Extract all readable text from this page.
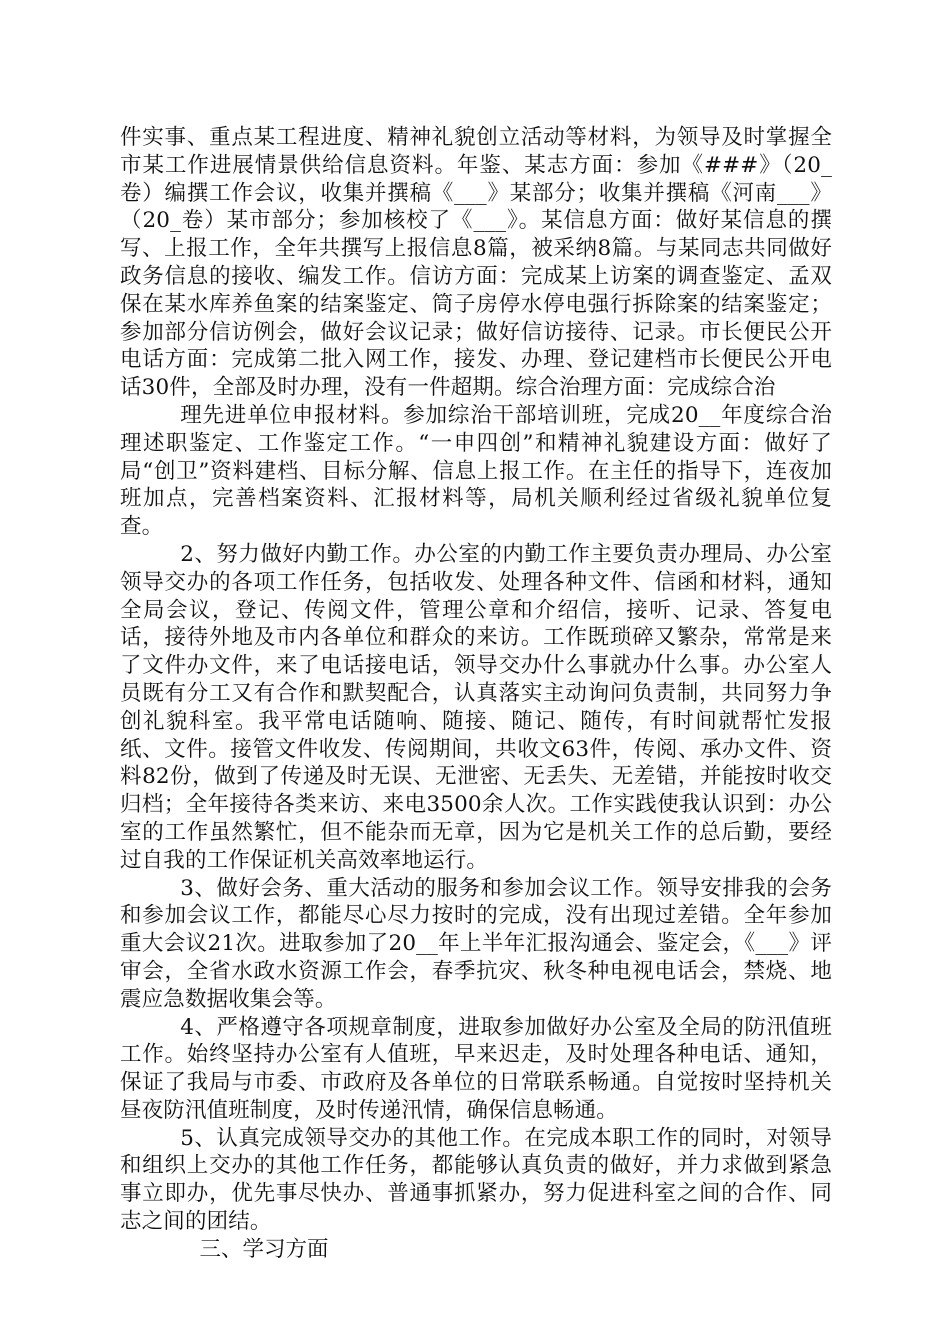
件实事、重点某工程进度、精神礼貌创立活动等材料，为领导及时掌握全市某工作进展情景供给信息资料。年鉴、某志方面：参加《###》（20_卷）编撰工作会议，收集并撰稿《___》某部分；收集并撰稿《河南___》（20_卷）某市部分；参加核校了《___》。某信息方面：做好某信息的撰写、上报工作，全年共撰写上报信息8篇，被采纳8篇。与某同志共同做好政务信息的接收、编发工作。信访方面：完成某上访案的调查鉴定、孟双保在某水库养鱼案的结案鉴定、筒子房停水停电强行拆除案的结案鉴定；参加部分信访例会，做好会议记录；做好信访接待、记录。市长便民公开电话方面：完成第二批入网工作，接发、办理、登记建档市长便民公开电话30件，全部及时办理，没有一件超期。综合治理方面：完成综合治

理先进单位申报材料。参加综治干部培训班，完成20__年度综合治理述职鉴定、工作鉴定工作。“一申四创”和精神礼貌建设方面：做好了局“创卫”资料建档、目标分解、信息上报工作。在主任的指导下，连夜加班加点，完善档案资料、汇报材料等，局机关顺利经过省级礼貌单位复查。

2、努力做好内勤工作。办公室的内勤工作主要负责办理局、办公室领导交办的各项工作任务，包括收发、处理各种文件、信函和材料，通知全局会议，登记、传阅文件，管理公章和介绍信，接听、记录、答复电话，接待外地及市内各单位和群众的来访。工作既琐碎又繁杂，常常是来了文件办文件，来了电话接电话，领导交办什么事就办什么事。办公室人员既有分工又有合作和默契配合，认真落实主动询问负责制，共同努力争创礼貌科室。我平常电话随响、随接、随记、随传，有时间就帮忙发报纸、文件。接管文件收发、传阅期间，共收文63件，传阅、承办文件、资料82份，做到了传递及时无误、无泄密、无丢失、无差错，并能按时收交归档；全年接待各类来访、来电3500余人次。工作实践使我认识到：办公室的工作虽然繁忙，但不能杂而无章，因为它是机关工作的总后勤，要经过自我的工作保证机关高效率地运行。

3、做好会务、重大活动的服务和参加会议工作。领导安排我的会务和参加会议工作，都能尽心尽力按时的完成，没有出现过差错。全年参加重大会议21次。进取参加了20__年上半年汇报沟通会、鉴定会，《___》评审会，全省水政水资源工作会，春季抗灾、秋冬种电视电话会，禁烧、地震应急数据收集会等。

4、严格遵守各项规章制度，进取参加做好办公室及全局的防汛值班工作。始终坚持办公室有人值班，早来迟走，及时处理各种电话、通知，保证了我局与市委、市政府及各单位的日常联系畅通。自觉按时坚持机关昼夜防汛值班制度，及时传递汛情，确保信息畅通。

5、认真完成领导交办的其他工作。在完成本职工作的同时，对领导和组织上交办的其他工作任务，都能够认真负责的做好，并力求做到紧急事立即办，优先事尽快办、普通事抓紧办，努力促进科室之间的合作、同志之间的团结。

三、学习方面
